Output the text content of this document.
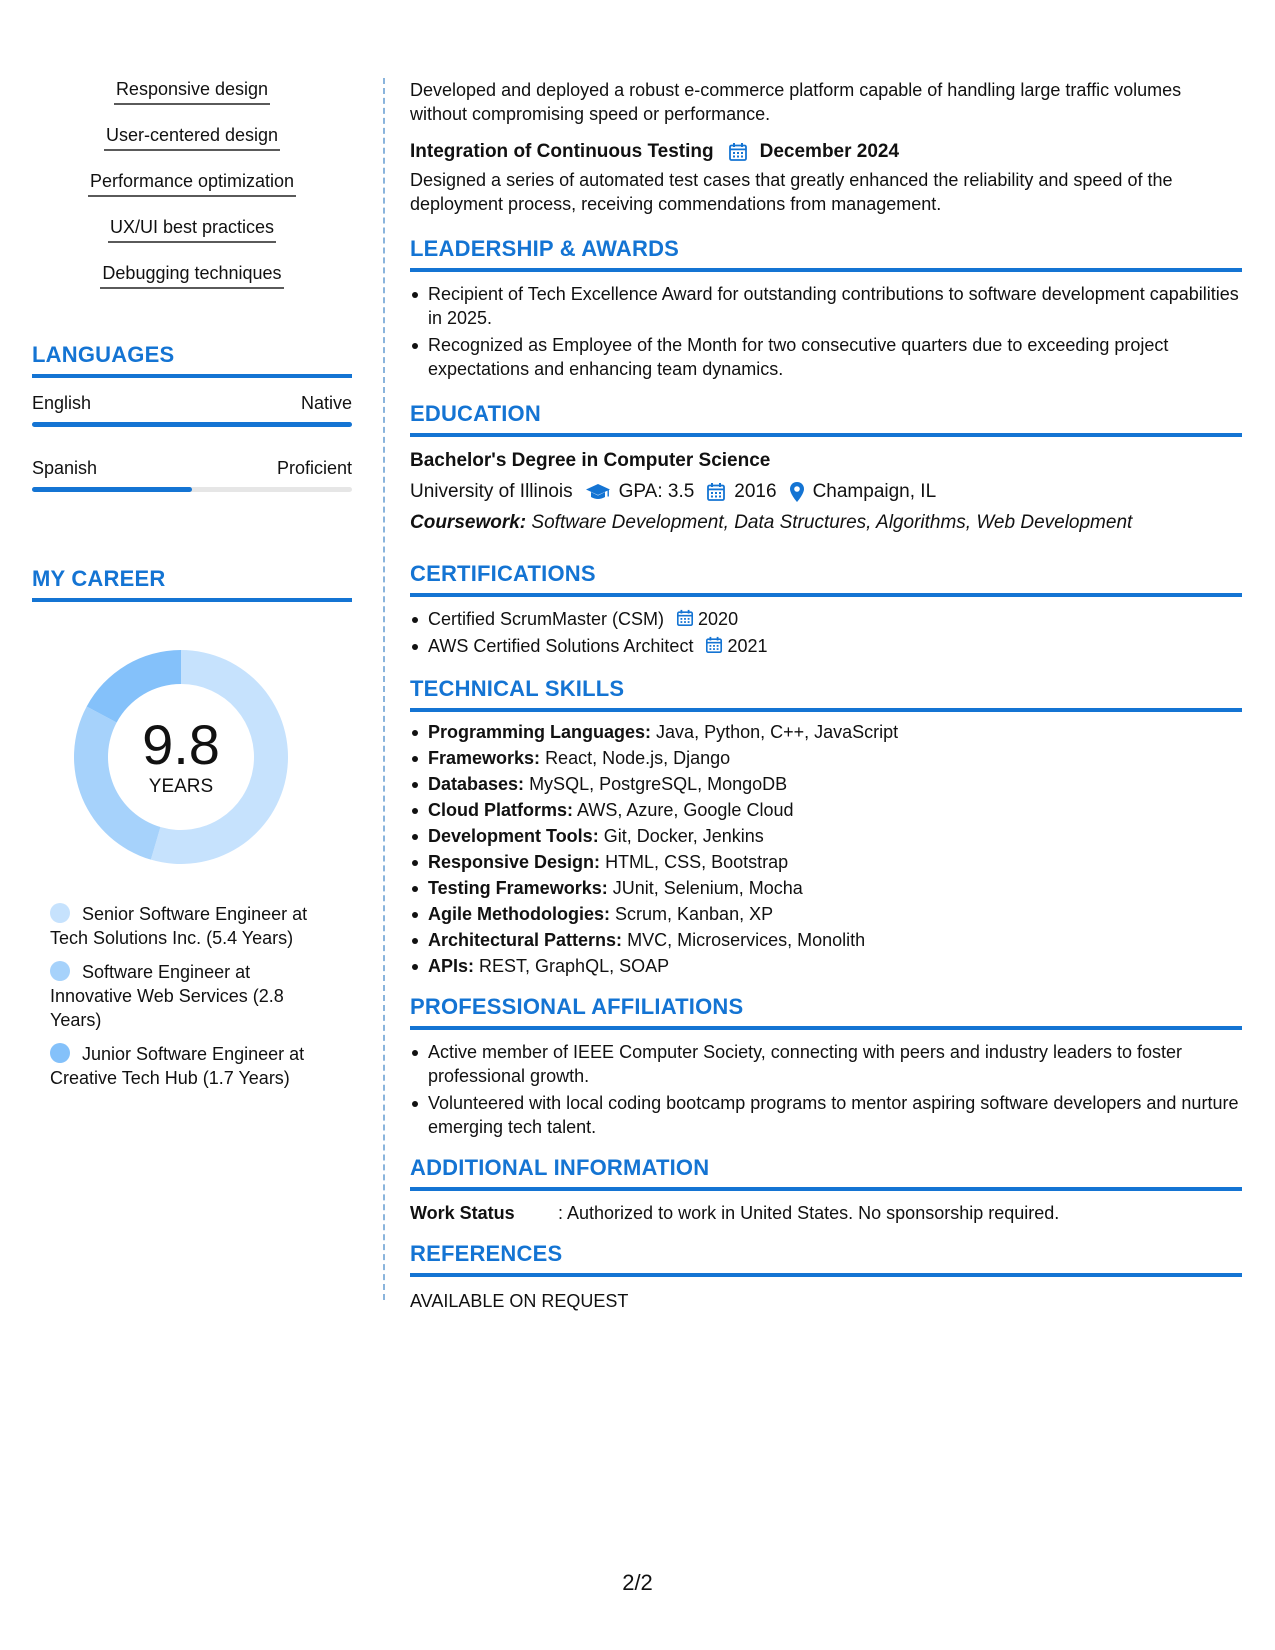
Responsive design
User-centered design
Performance optimization
UX/UI best practices
Debugging techniques
LANGUAGES
English	Native
Spanish	Proficient
MY CAREER
9.8
YEARS
Senior Software Engineer at Tech Solutions Inc. (5.4 Years)
Software Engineer at Innovative Web Services (2.8 Years)
Junior Software Engineer at Creative Tech Hub (1.7 Years)

Developed and deployed a robust e-commerce platform capable of handling large traffic volumes without compromising speed or performance.

Integration of Continuous Testing December 2024

Designed a series of automated test cases that greatly enhanced the reliability and speed of the deployment process, receiving commendations from management.

LEADERSHIP & AWARDS
Recipient of Tech Excellence Award for outstanding contributions to software development capabilities in 2025.
Recognized as Employee of the Month for two consecutive quarters due to exceeding project expectations and enhancing team dynamics.
EDUCATION
Bachelor's Degree in Computer Science
University of Illinois GPA: 3.5 2016 Champaign, IL
Coursework: Software Development, Data Structures, Algorithms, Web Development
CERTIFICATIONS
Certified ScrumMaster (CSM) 2020
AWS Certified Solutions Architect 2021
TECHNICAL SKILLS
Programming Languages: Java, Python, C++, JavaScript
Frameworks: React, Node.js, Django
Databases: MySQL, PostgreSQL, MongoDB
Cloud Platforms: AWS, Azure, Google Cloud
Development Tools: Git, Docker, Jenkins
Responsive Design: HTML, CSS, Bootstrap
Testing Frameworks: JUnit, Selenium, Mocha
Agile Methodologies: Scrum, Kanban, XP
Architectural Patterns: MVC, Microservices, Monolith
APIs: REST, GraphQL, SOAP
PROFESSIONAL AFFILIATIONS
Active member of IEEE Computer Society, connecting with peers and industry leaders to foster professional growth.
Volunteered with local coding bootcamp programs to mentor aspiring software developers and nurture emerging tech talent.
ADDITIONAL INFORMATION
Work Status	: Authorized to work in United States. No sponsorship required.
REFERENCES
AVAILABLE ON REQUEST
2/2
